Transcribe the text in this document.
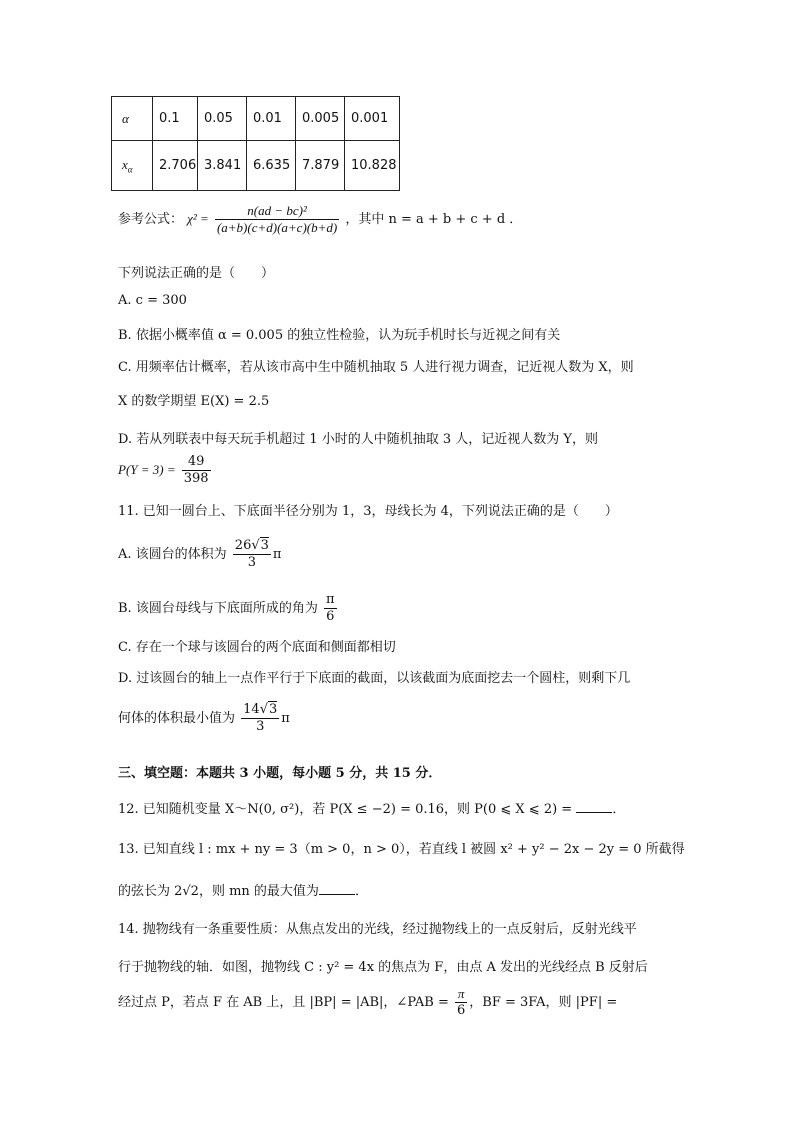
α	0.1	0.05	0.01	0.005	0.001
$x_\alpha$	2.706	3.841	6.635	7.879	10.828
参考公式： $\chi^2 = \frac{\text{n(ad − bc)²}}{(a+b)(c+d)(a+c)(b+d)}$ ，其中 n = a + b + c + d ．
下列说法正确的是（　　）
A. c = 300
B. 依据小概率值 α = 0.005 的独立性检验，认为玩手机时长与近视之间有关
C. 用频率估计概率，若从该市高中生中随机抽取 5 人进行视力调查，记近视人数为 X，则
X 的数学期望 E(X) = 2.5
D. 若从列联表中每天玩手机超过 1 小时的人中随机抽取 3 人，记近视人数为 Y，则
$P(Y = 3) = \frac{49}{398}$
11. 已知一圆台上、下底面半径分别为 1，3，母线长为 4，下列说法正确的是（　　）
A. 该圆台的体积为 $\frac{26√3}{3}$ π
B. 该圆台母线与下底面所成的角为 $\frac{\pi}{6}$
C. 存在一个球与该圆台的两个底面和侧面都相切
D. 过该圆台的轴上一点作平行于下底面的截面，以该截面为底面挖去一个圆柱，则剩下几
何体的体积最小值为 $\frac{14√3}{3}$ π
三、填空题：本题共 3 小题，每小题 5 分，共 15 分．
12. 已知随机变量 X～N(0, σ²)，若 P(X ≤ −2) = 0.16，则 P(0 ⩽ X ⩽ 2) =	．
13. 已知直线 l : mx + ny = 3（m > 0，n > 0），若直线 l 被圆 x² + y² − 2x − 2y = 0 所截得
的弦长为 2√2，则 mn 的最大值为	．
14. 抛物线有一条重要性质：从焦点发出的光线，经过抛物线上的一点反射后，反射光线平
行于抛物线的轴．如图，抛物线 C : y² = 4x 的焦点为 F，由点 A 发出的光线经点 B 反射后
经过点 P，若点 F 在 AB 上，且 |BP| = |AB|，∠PAB = $\frac{\pi}{6}$ ，BF = 3FA，则 |PF| =
